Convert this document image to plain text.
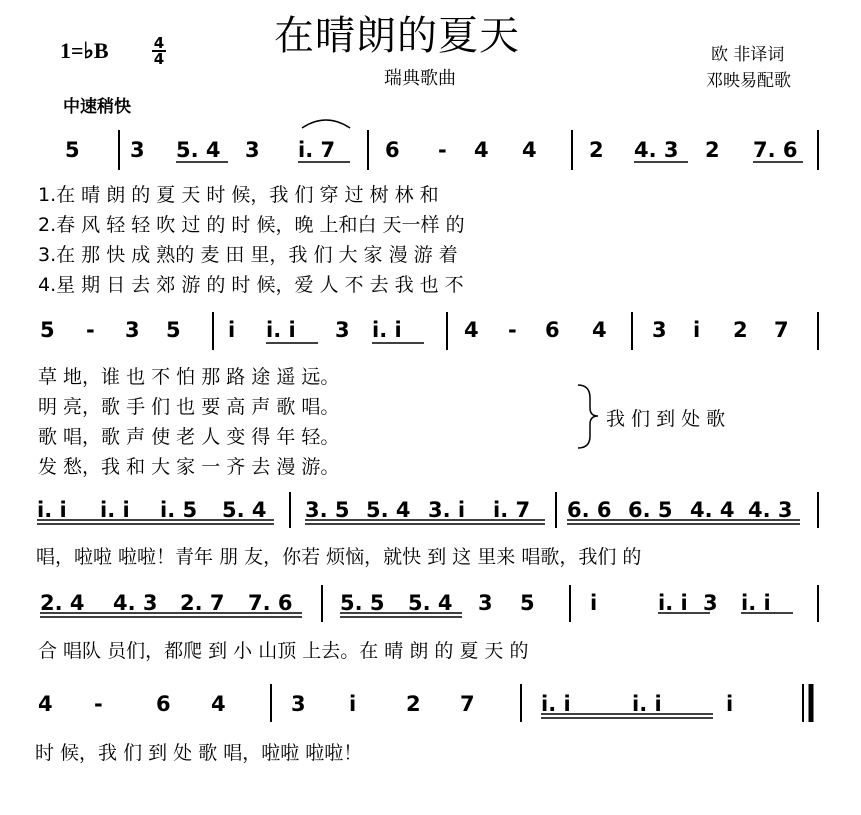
在晴朗的夏天
1=♭B	4
4
瑞典歌曲
欧 非译词
邓映易配歌
中速稍快
5 3 5. 4 3 i. 7 6 - 4 4 2 4. 3 2 7. 6
1.在 晴 朗 的 夏 天 时 候，我 们 穿 过 树 林 和
2.春 风 轻 轻 吹 过 的 时 候，晚 上和白 天一样 的
3.在 那 快 成 熟的 麦 田 里，我 们 大 家 漫 游 着
4.星 期 日 去 郊 游 的 时 候，爱 人 不 去 我 也 不
5 - 3 5 i i. i 3 i. i	4 - 6 4 3 i 2 7
草 地，谁 也 不 怕 那 路 途 遥 远。
明 亮，歌 手 们 也 要 高 声 歌 唱。
歌 唱，歌 声 使 老 人 变 得 年 轻。
发 愁，我 和 大 家 一 齐 去 漫 游。
我 们 到 处 歌
i. i i. i i. 5 5. 4 3. 5 5. 4 3. i i. 7 6. 6 6. 5 4. 4 4. 3
唱，啦啦 啦啦！青年 朋 友，你若 烦恼，就快 到 这 里来 唱歌，我们 的
2. 4 4. 3 2. 7 7. 6 5. 5 5. 4 3 5	i	i. i 3 i. i
合 唱队 员们，都爬 到 小 山顶 上去。在 晴 朗 的 夏 天 的
4 -	6 4	3 i 2 7	i. i	i. i	i
时 候，我 们 到 处 歌 唱，啦啦 啦啦！
